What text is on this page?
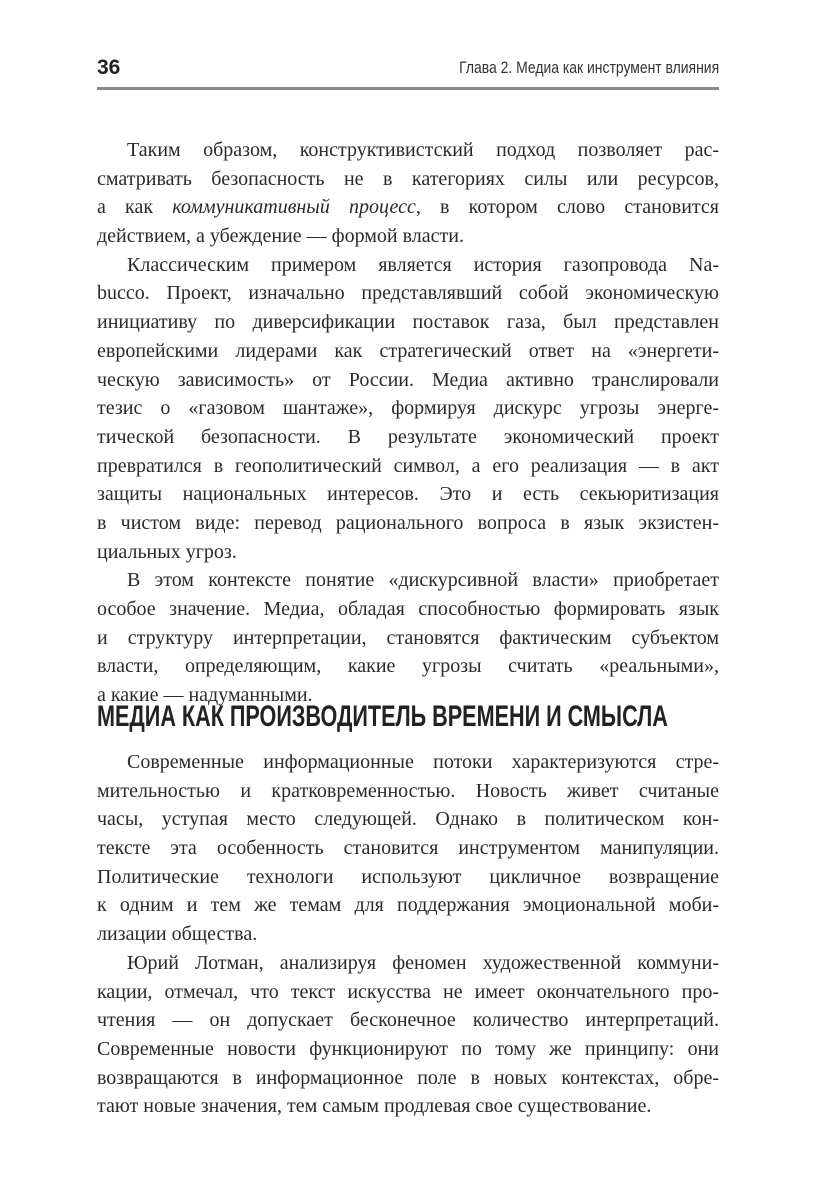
36	Глава 2. Медиа как инструмент влияния
Таким образом, конструктивистский подход позволяет рас-
сматривать безопасность не в категориях силы или ресурсов,
а как коммуникативный процесс, в котором слово становится
действием, а убеждение — формой власти.
Классическим примером является история газопровода Na-
bucco. Проект, изначально представлявший собой экономическую
инициативу по диверсификации поставок газа, был представлен
европейскими лидерами как стратегический ответ на «энергети-
ческую зависимость» от России. Медиа активно транслировали
тезис о «газовом шантаже», формируя дискурс угрозы энерге-
тической безопасности. В результате экономический проект
превратился в геополитический символ, а его реализация — в акт
защиты национальных интересов. Это и есть секьюритизация
в чистом виде: перевод рационального вопроса в язык экзистен-
циальных угроз.
В этом контексте понятие «дискурсивной власти» приобретает
особое значение. Медиа, обладая способностью формировать язык
и структуру интерпретации, становятся фактическим субъектом
власти, определяющим, какие угрозы считать «реальными»,
а какие — надуманными.
МЕДИА КАК ПРОИЗВОДИТЕЛЬ ВРЕМЕНИ И СМЫСЛА
Современные информационные потоки характеризуются стре-
мительностью и кратковременностью. Новость живет считаные
часы, уступая место следующей. Однако в политическом кон-
тексте эта особенность становится инструментом манипуляции.
Политические технологи используют цикличное возвращение
к одним и тем же темам для поддержания эмоциональной моби-
лизации общества.
Юрий Лотман, анализируя феномен художественной коммуни-
кации, отмечал, что текст искусства не имеет окончательного про-
чтения — он допускает бесконечное количество интерпретаций.
Современные новости функционируют по тому же принципу: они
возвращаются в информационное поле в новых контекстах, обре-
тают новые значения, тем самым продлевая свое существование.
